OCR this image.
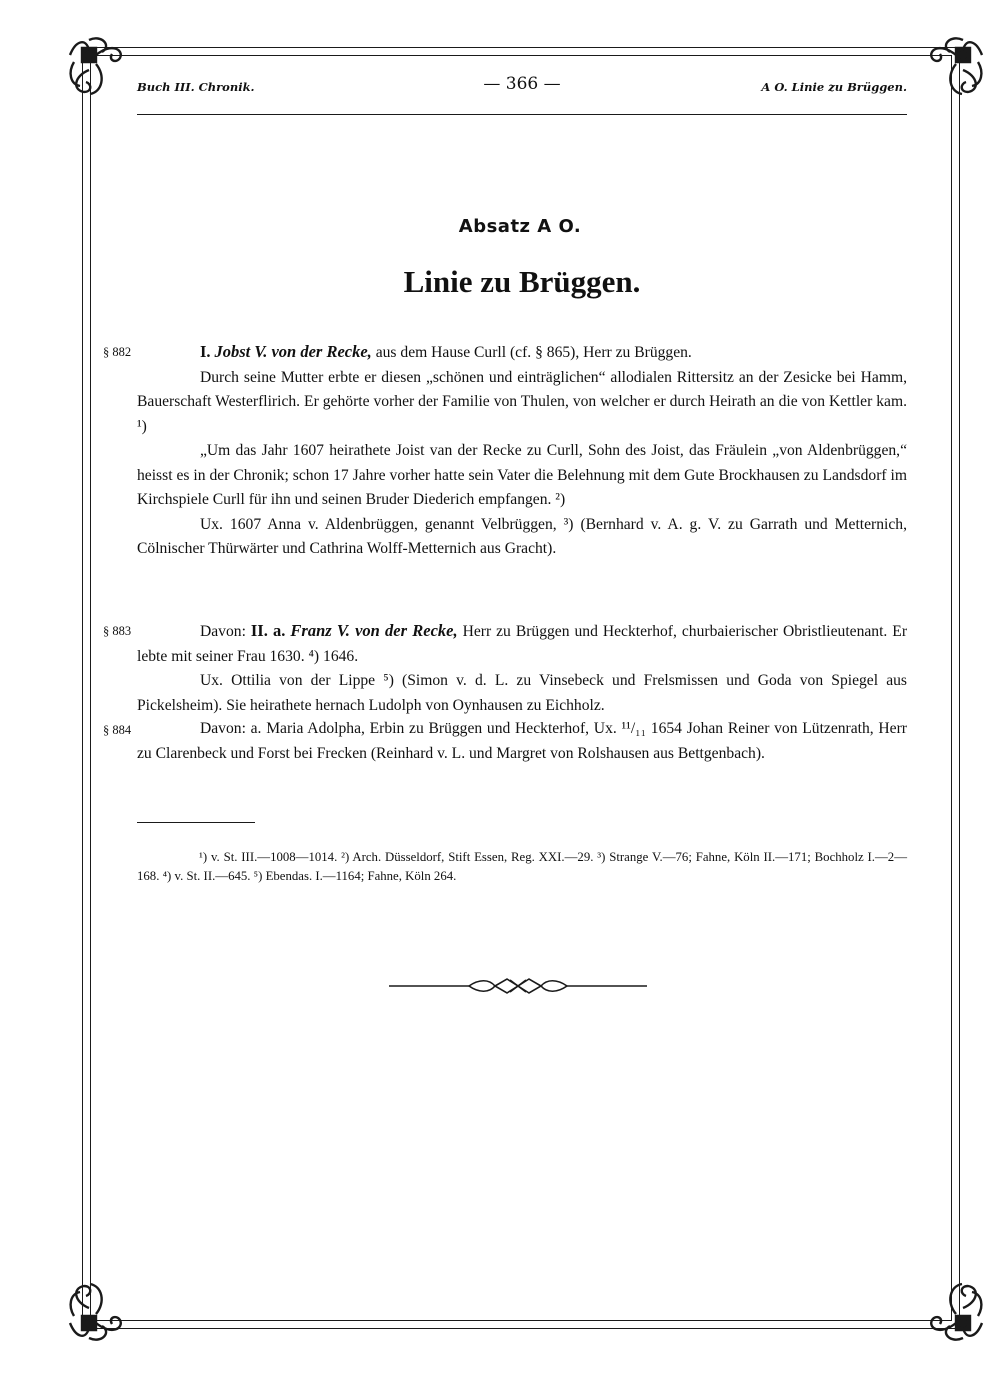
Buch III. Chronik.	— 366 —	A O. Linie zu Brüggen.
Absatz A O.
Linie zu Brüggen.
§ 882	I. Jobst V. von der Recke, aus dem Hause Curll (cf. § 865), Herr zu Brüggen.

Durch seine Mutter erbte er diesen „schönen und einträglichen“ allodialen Rittersitz an der Zesicke bei Hamm, Bauerschaft Westerflirich. Er gehörte vorher der Familie von Thulen, von welcher er durch Heirath an die von Kettler kam. ¹)

„Um das Jahr 1607 heirathete Joist van der Recke zu Curll, Sohn des Joist, das Fräulein „von Aldenbrüggen,“ heisst es in der Chronik; schon 17 Jahre vorher hatte sein Vater die Belehnung mit dem Gute Brockhausen zu Landsdorf im Kirchspiele Curll für ihn und seinen Bruder Diederich empfangen. ²)

Ux. 1607 Anna v. Aldenbrüggen, genannt Velbrüggen, ³) (Bernhard v. A. g. V. zu Garrath und Metternich, Cölnischer Thürwärter und Cathrina Wolff-Metternich aus Gracht).

§ 883	Davon: II. a. Franz V. von der Recke, Herr zu Brüggen und Heckterhof, churbaierischer Obristlieutenant. Er lebte mit seiner Frau 1630. ⁴) 1646.

Ux. Ottilia von der Lippe ⁵) (Simon v. d. L. zu Vinsebeck und Frelsmissen und Goda von Spiegel aus Pickelsheim). Sie heirathete hernach Ludolph von Oynhausen zu Eichholz.

§ 884	Davon: a. Maria Adolpha, Erbin zu Brüggen und Heckterhof, Ux. ¹¹/₁₁ 1654 Johan Reiner von Lützenrath, Herr zu Clarenbeck und Forst bei Frecken (Reinhard v. L. und Margret von Rolshausen aus Bettgenbach).

¹) v. St. III.—1008—1014. ²) Arch. Düsseldorf, Stift Essen, Reg. XXI.—29. ³) Strange V.—76; Fahne, Köln II.—171; Bochholz I.—2—168. ⁴) v. St. II.—645. ⁵) Ebendas. I.—1164; Fahne, Köln 264.
